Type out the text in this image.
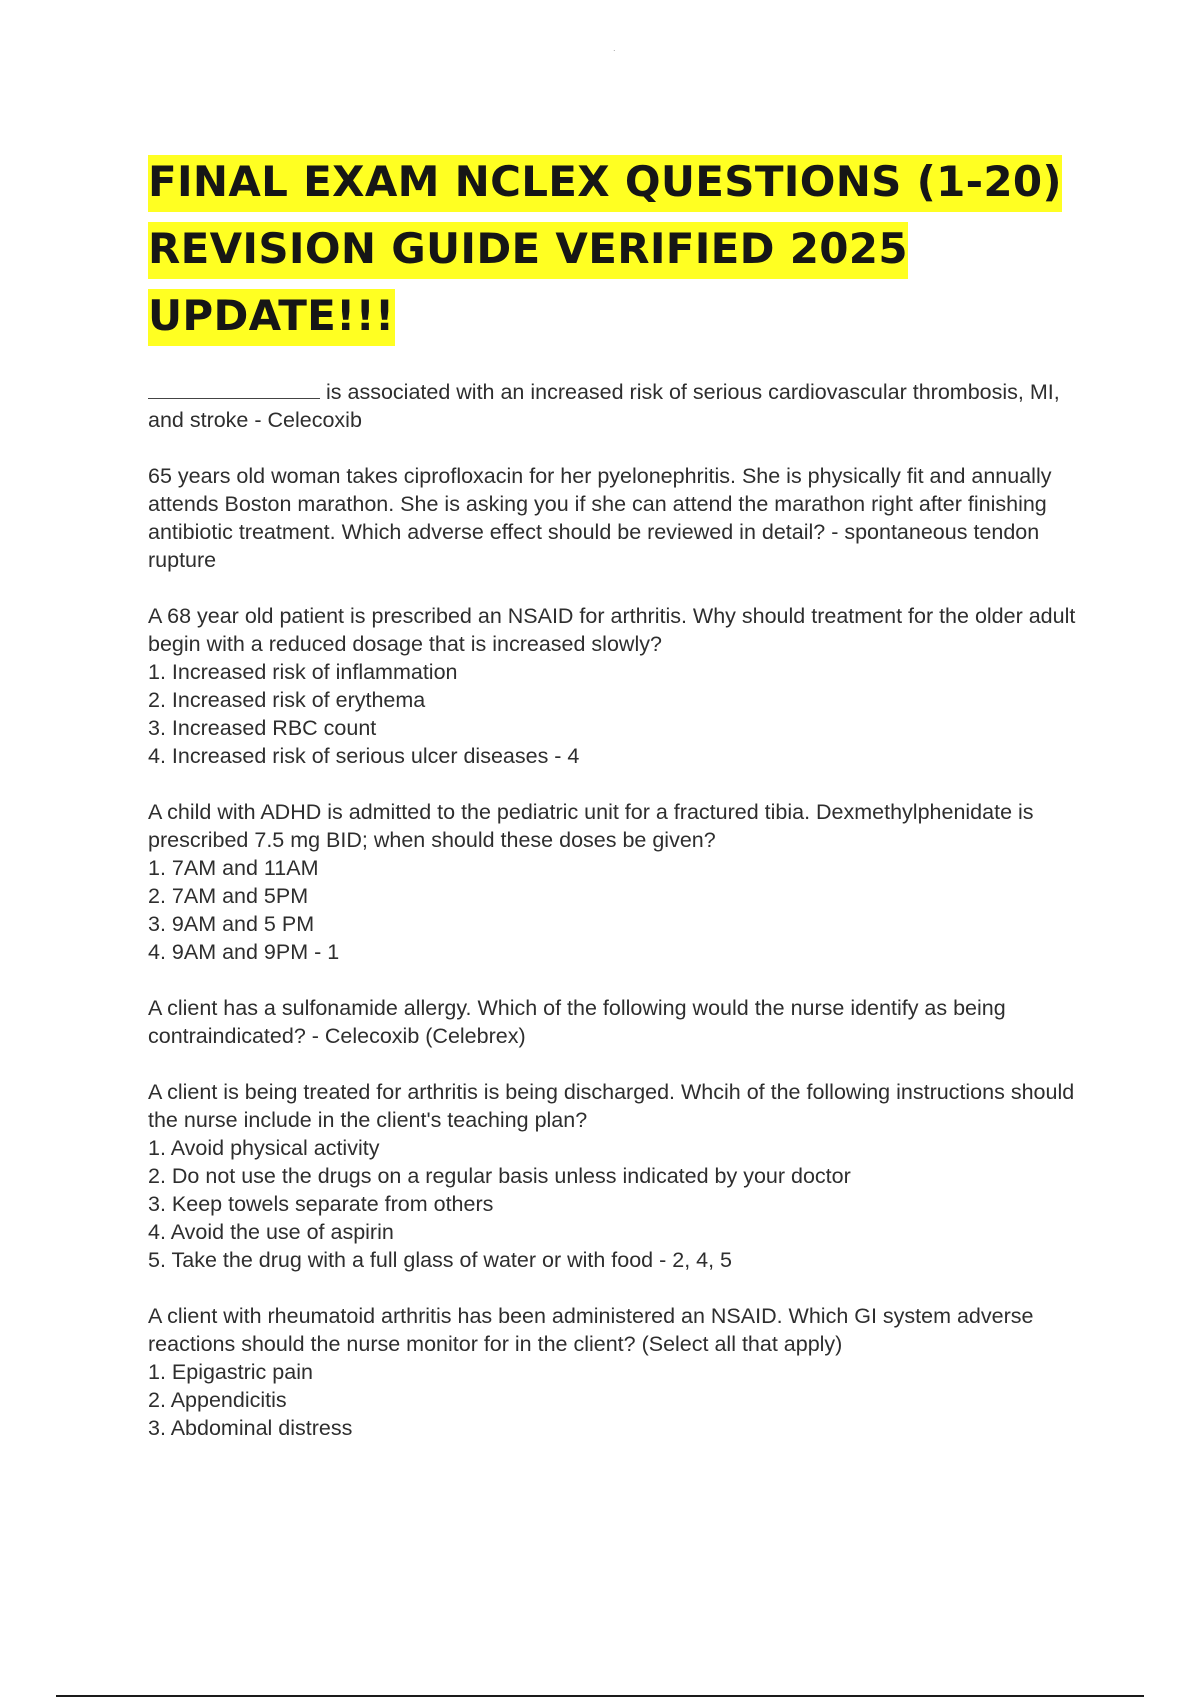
.
FINAL EXAM NCLEX QUESTIONS (1-20) REVISION GUIDE VERIFIED 2025 UPDATE!!!

is associated with an increased risk of serious cardiovascular thrombosis, MI, and stroke - Celecoxib

65 years old woman takes ciprofloxacin for her pyelonephritis. She is physically fit and annually attends Boston marathon. She is asking you if she can attend the marathon right after finishing antibiotic treatment. Which adverse effect should be reviewed in detail? - spontaneous tendon rupture

A 68 year old patient is prescribed an NSAID for arthritis. Why should treatment for the older adult begin with a reduced dosage that is increased slowly?

1. Increased risk of inflammation
2. Increased risk of erythema
3. Increased RBC count
4. Increased risk of serious ulcer diseases - 4

A child with ADHD is admitted to the pediatric unit for a fractured tibia. Dexmethylphenidate is prescribed 7.5 mg BID; when should these doses be given?

1. 7AM and 11AM
2. 7AM and 5PM
3. 9AM and 5 PM
4. 9AM and 9PM - 1

A client has a sulfonamide allergy. Which of the following would the nurse identify as being contraindicated? - Celecoxib (Celebrex)

A client is being treated for arthritis is being discharged. Whcih of the following instructions should the nurse include in the client's teaching plan?

1. Avoid physical activity
2. Do not use the drugs on a regular basis unless indicated by your doctor
3. Keep towels separate from others
4. Avoid the use of aspirin
5. Take the drug with a full glass of water or with food - 2, 4, 5

A client with rheumatoid arthritis has been administered an NSAID. Which GI system adverse reactions should the nurse monitor for in the client? (Select all that apply)

1. Epigastric pain
2. Appendicitis
3. Abdominal distress
